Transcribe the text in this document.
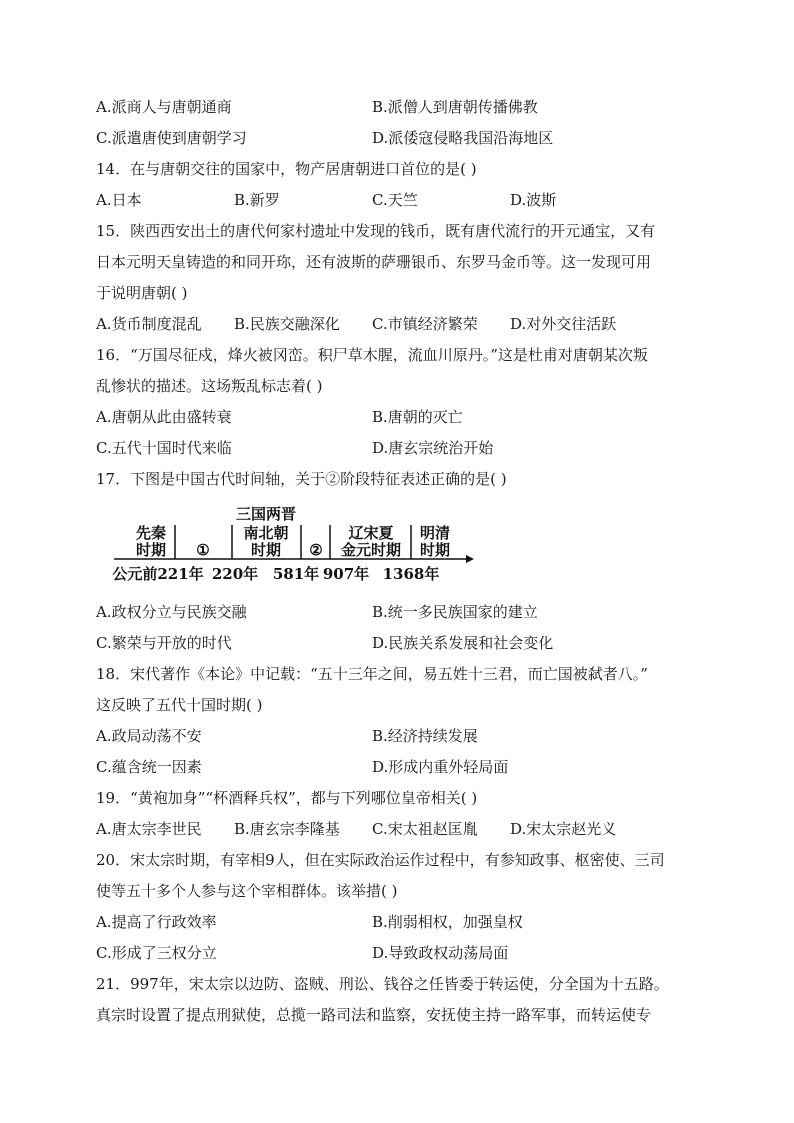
A.派商人与唐朝通商	B.派僧人到唐朝传播佛教
C.派遣唐使到唐朝学习	D.派倭寇侵略我国沿海地区
14．在与唐朝交往的国家中，物产居唐朝进口首位的是( )
A.日本	B.新罗	C.天竺	D.波斯
15．陕西西安出土的唐代何家村遗址中发现的钱币，既有唐代流行的开元通宝，又有
日本元明天皇铸造的和同开珎，还有波斯的萨珊银币、东罗马金币等。这一发现可用
于说明唐朝( )
A.货币制度混乱	B.民族交融深化	C.市镇经济繁荣	D.对外交往活跃
16．“万国尽征戍，烽火被冈峦。积尸草木腥，流血川原丹。”这是杜甫对唐朝某次叛
乱惨状的描述。这场叛乱标志着( )
A.唐朝从此由盛转衰	B.唐朝的灭亡
C.五代十国时代来临	D.唐玄宗统治开始
17．下图是中国古代时间轴，关于②阶段特征表述正确的是( )
先秦
时期 ①
三国两晋
南北朝
时期 ②
辽宋夏
金元时期
明清
时期
公元前221年 220年 581年 907年 1368年
A.政权分立与民族交融	B.统一多民族国家的建立
C.繁荣与开放的时代	D.民族关系发展和社会变化
18．宋代著作《本论》中记载：“五十三年之间，易五姓十三君，而亡国被弑者八。”
这反映了五代十国时期( )
A.政局动荡不安	B.经济持续发展
C.蕴含统一因素	D.形成内重外轻局面
19．“黄袍加身”“杯酒释兵权”，都与下列哪位皇帝相关( )
A.唐太宗李世民	B.唐玄宗李隆基	C.宋太祖赵匡胤	D.宋太宗赵光义
20．宋太宗时期，有宰相9人，但在实际政治运作过程中，有参知政事、枢密使、三司
使等五十多个人参与这个宰相群体。该举措( )
A.提高了行政效率	B.削弱相权，加强皇权
C.形成了三权分立	D.导致政权动荡局面
21．997年，宋太宗以边防、盗贼、刑讼、钱谷之任皆委于转运使，分全国为十五路。
真宗时设置了提点刑狱使，总揽一路司法和监察，安抚使主持一路军事，而转运使专
